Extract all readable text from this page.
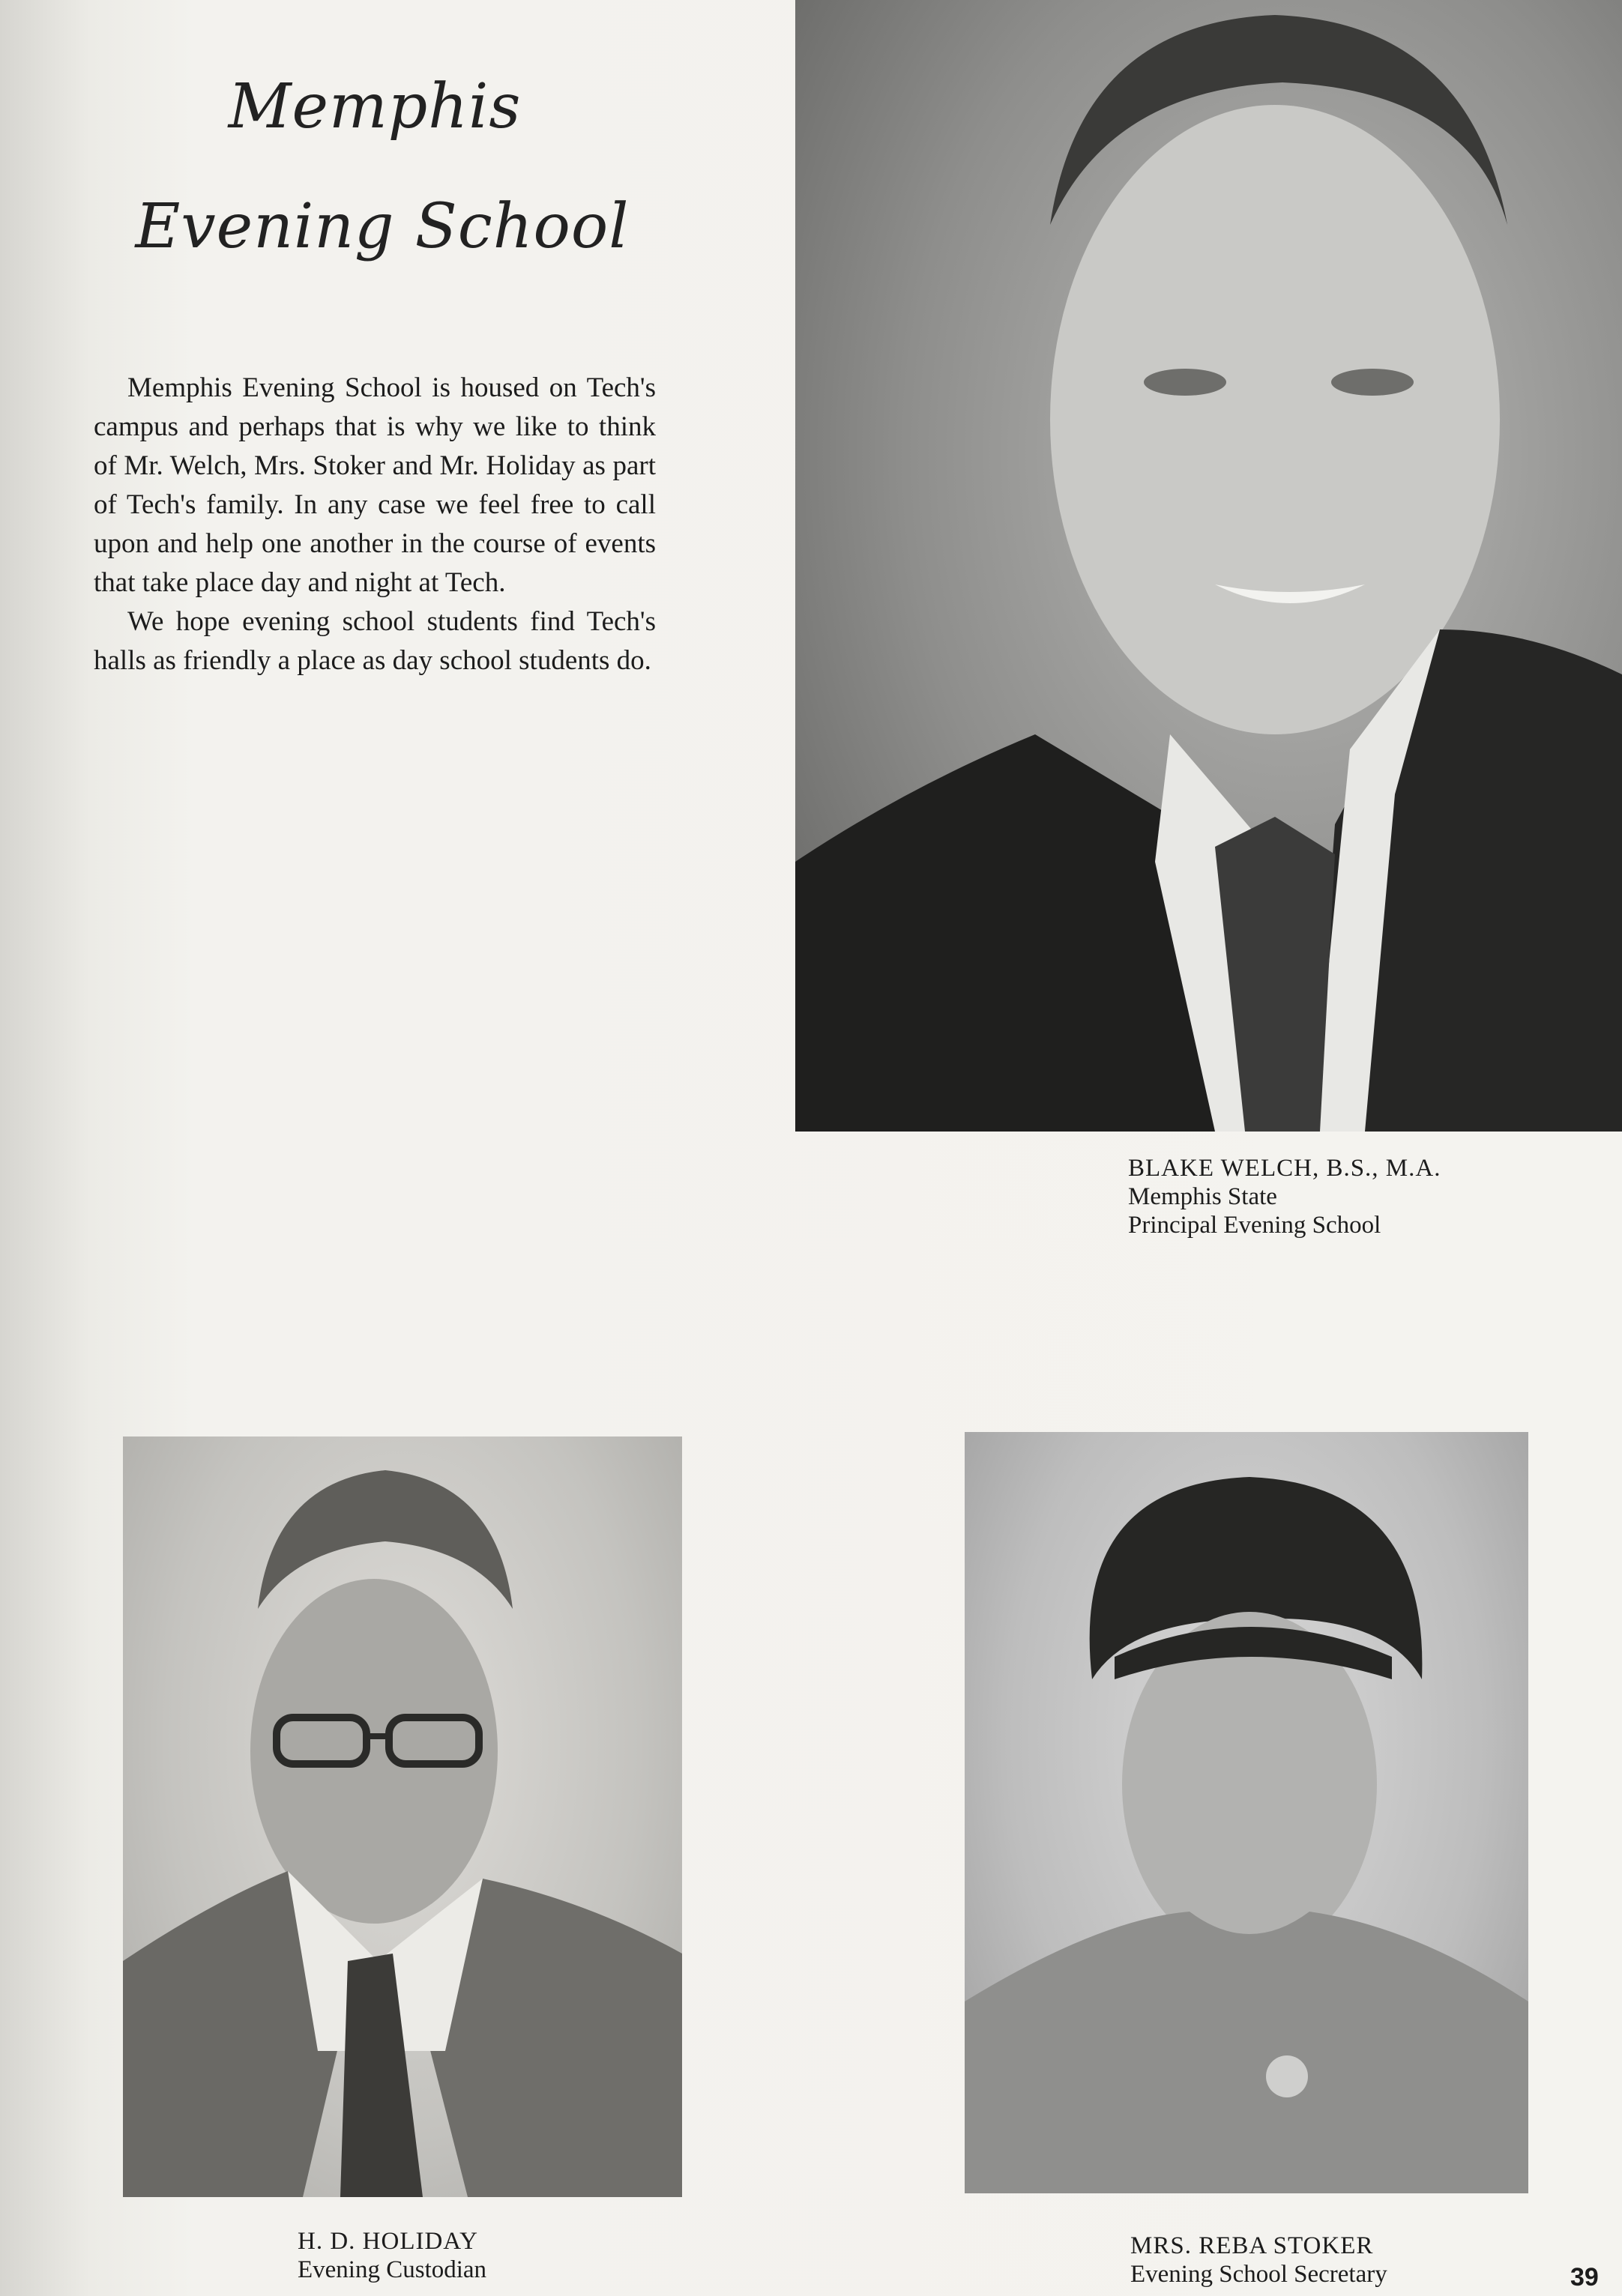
Memphis
Evening School

Memphis Evening School is housed on Tech's campus and perhaps that is why we like to think of Mr. Welch, Mrs. Stoker and Mr. Holiday as part of Tech's family. In any case we feel free to call upon and help one another in the course of events that take place day and night at Tech.

We hope evening school students find Tech's halls as friendly a place as day school students do.

BLAKE WELCH, B.S., M.A.
Memphis State
Principal Evening School
H. D. HOLIDAY
Evening Custodian
MRS. REBA STOKER
Evening School Secretary	39
